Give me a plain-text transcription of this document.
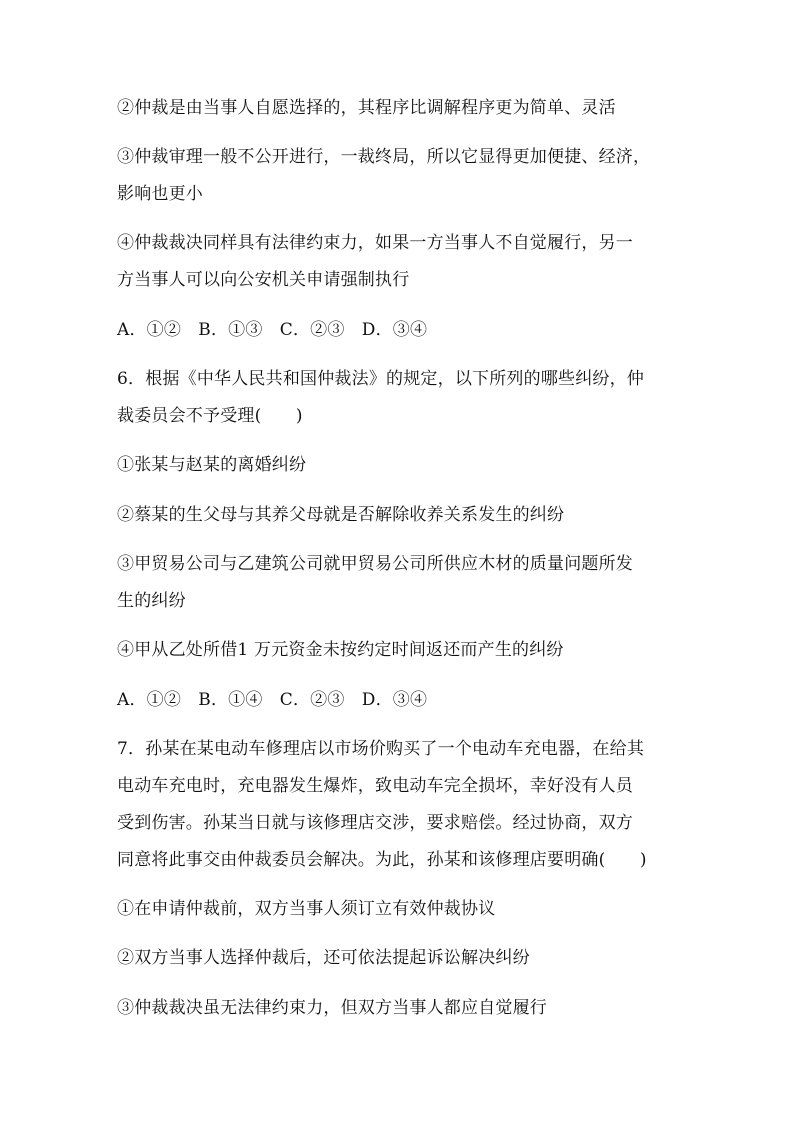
②仲裁是由当事人自愿选择的，其程序比调解程序更为简单、灵活
③仲裁审理一般不公开进行，一裁终局，所以它显得更加便捷、经济，
影响也更小
④仲裁裁决同样具有法律约束力，如果一方当事人不自觉履行，另一
方当事人可以向公安机关申请强制执行
A．①②　B．①③　C．②③　D．③④
6．根据《中华人民共和国仲裁法》的规定，以下所列的哪些纠纷，仲
裁委员会不予受理(　　)
①张某与赵某的离婚纠纷
②蔡某的生父母与其养父母就是否解除收养关系发生的纠纷
③甲贸易公司与乙建筑公司就甲贸易公司所供应木材的质量问题所发
生的纠纷
④甲从乙处所借1 万元资金未按约定时间返还而产生的纠纷
A．①②　B．①④　C．②③　D．③④
7．孙某在某电动车修理店以市场价购买了一个电动车充电器，在给其
电动车充电时，充电器发生爆炸，致电动车完全损坏，幸好没有人员
受到伤害。孙某当日就与该修理店交涉，要求赔偿。经过协商，双方
同意将此事交由仲裁委员会解决。为此，孙某和该修理店要明确(　　)
①在申请仲裁前，双方当事人须订立有效仲裁协议
②双方当事人选择仲裁后，还可依法提起诉讼解决纠纷
③仲裁裁决虽无法律约束力，但双方当事人都应自觉履行
